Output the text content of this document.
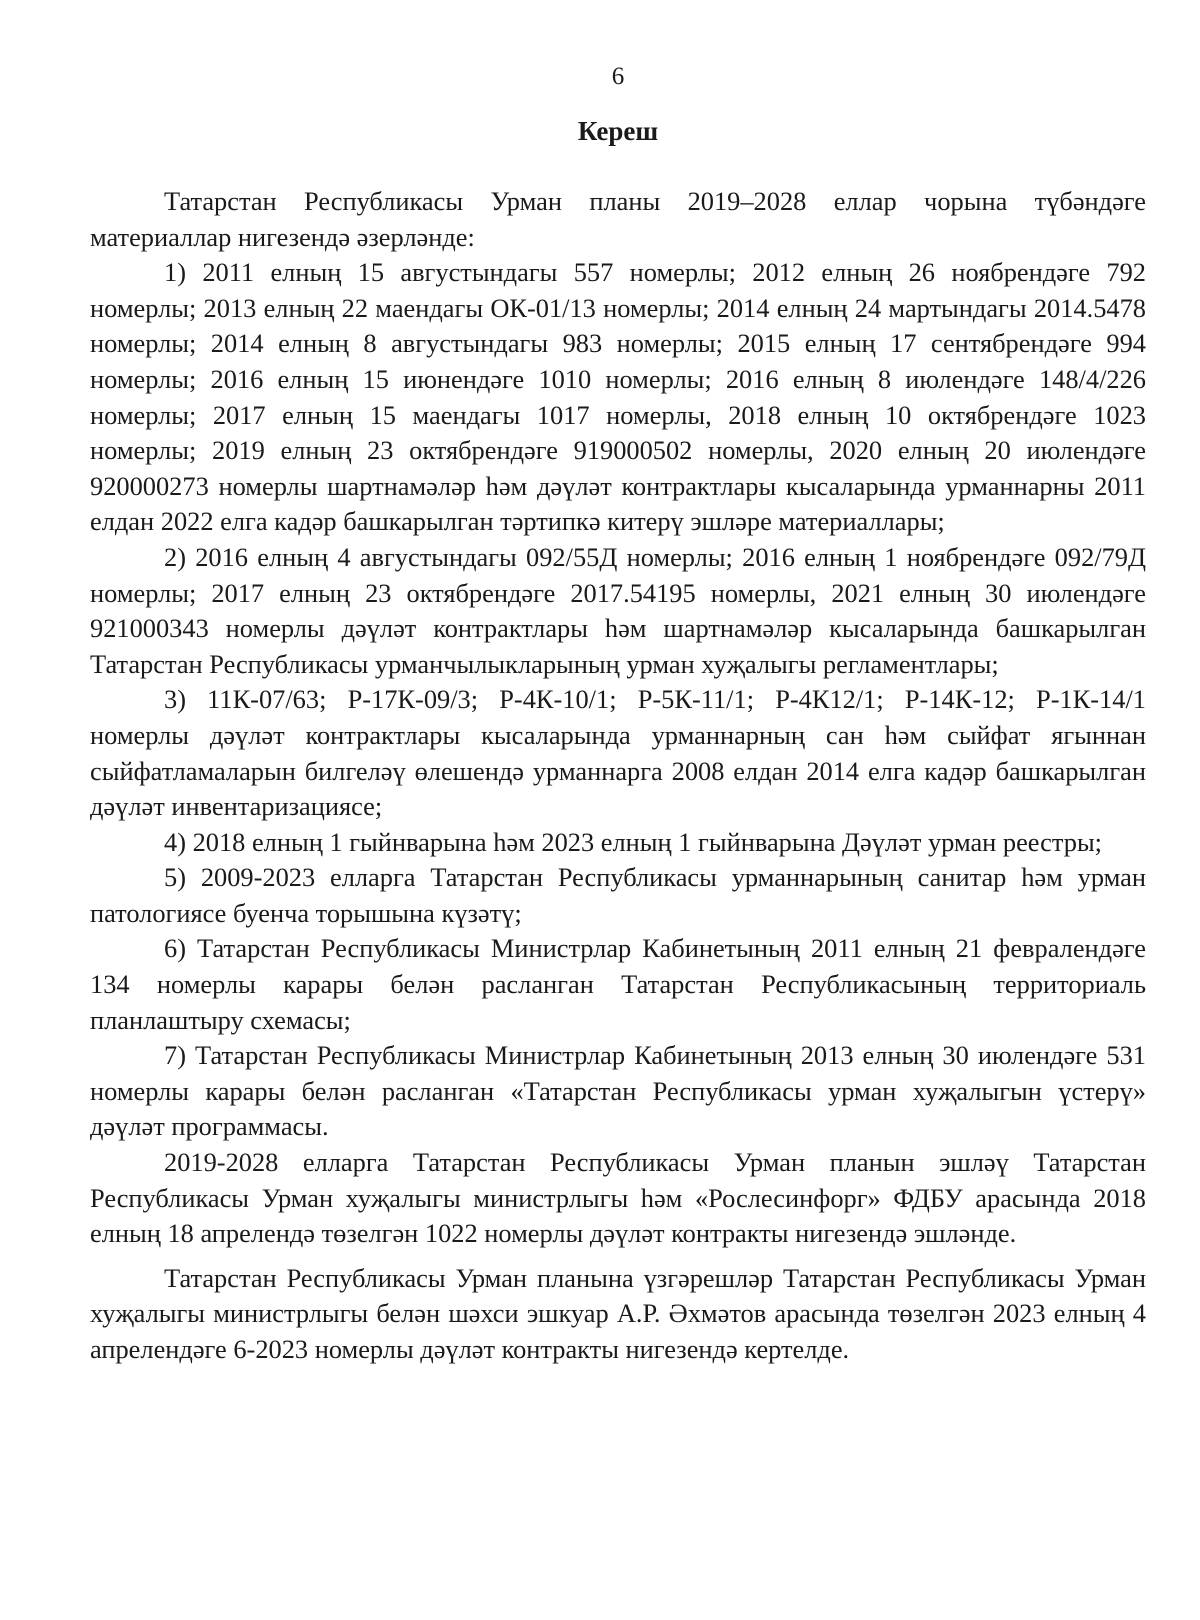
6
Кереш

Татарстан Республикасы Урман планы 2019–2028 еллар чорына түбәндәге материаллар нигезендә әзерләнде:

1) 2011 елның 15 августындагы 557 номерлы; 2012 елның 26 ноябрендәге 792 номерлы; 2013 елның 22 маендагы ОК-01/13 номерлы; 2014 елның 24 мартындагы 2014.5478 номерлы; 2014 елның 8 августындагы 983 номерлы; 2015 елның 17 сентябрендәге 994 номерлы; 2016 елның 15 июнендәге 1010 номерлы; 2016 елның 8 июлендәге 148/4/226 номерлы; 2017 елның 15 маендагы 1017 номерлы, 2018 елның 10 октябрендәге 1023 номерлы; 2019 елның 23 октябрендәге 919000502 номерлы, 2020 елның 20 июлендәге 920000273 номерлы шартнамәләр һәм дәүләт контрактлары кысаларында урманнарны 2011 елдан 2022 елга кадәр башкарылган тәртипкә китерү эшләре материаллары;

2) 2016 елның 4 августындагы 092/55Д номерлы; 2016 елның 1 ноябрендәге 092/79Д номерлы; 2017 елның 23 октябрендәге 2017.54195 номерлы, 2021 елның 30 июлендәге 921000343 номерлы дәүләт контрактлары һәм шартнамәләр кысаларында башкарылган Татарстан Республикасы урманчылыкларының урман хуҗалыгы регламентлары;

3) 11К-07/63; Р-17К-09/3; Р-4К-10/1; Р-5К-11/1; Р-4К12/1; Р-14К-12; Р-1К-14/1 номерлы дәүләт контрактлары кысаларында урманнарның сан һәм сыйфат ягыннан сыйфатламаларын билгеләү өлешендә урманнарга 2008 елдан 2014 елга кадәр башкарылган дәүләт инвентаризациясе;

4) 2018 елның 1 гыйнварына һәм 2023 елның 1 гыйнварына Дәүләт урман реестры;

5) 2009-2023 елларга Татарстан Республикасы урманнарының санитар һәм урман патологиясе буенча торышына күзәтү;

6) Татарстан Республикасы Министрлар Кабинетының 2011 елның 21 февралендәге 134 номерлы карары белән расланган Татарстан Республикасының территориаль планлаштыру схемасы;

7) Татарстан Республикасы Министрлар Кабинетының 2013 елның 30 июлендәге 531 номерлы карары белән расланган «Татарстан Республикасы урман хуҗалыгын үстерү» дәүләт программасы.

2019-2028 елларга Татарстан Республикасы Урман планын эшләү Татарстан Республикасы Урман хуҗалыгы министрлыгы һәм «Рослесинфорг» ФДБУ арасында 2018 елның 18 апрелендә төзелгән 1022 номерлы дәүләт контракты нигезендә эшләнде.

Татарстан Республикасы Урман планына үзгәрешләр Татарстан Республикасы Урман хуҗалыгы министрлыгы белән шәхси эшкуар А.Р. Әхмәтов арасында төзелгән 2023 елның 4 апрелендәге 6-2023 номерлы дәүләт контракты нигезендә кертелде.
